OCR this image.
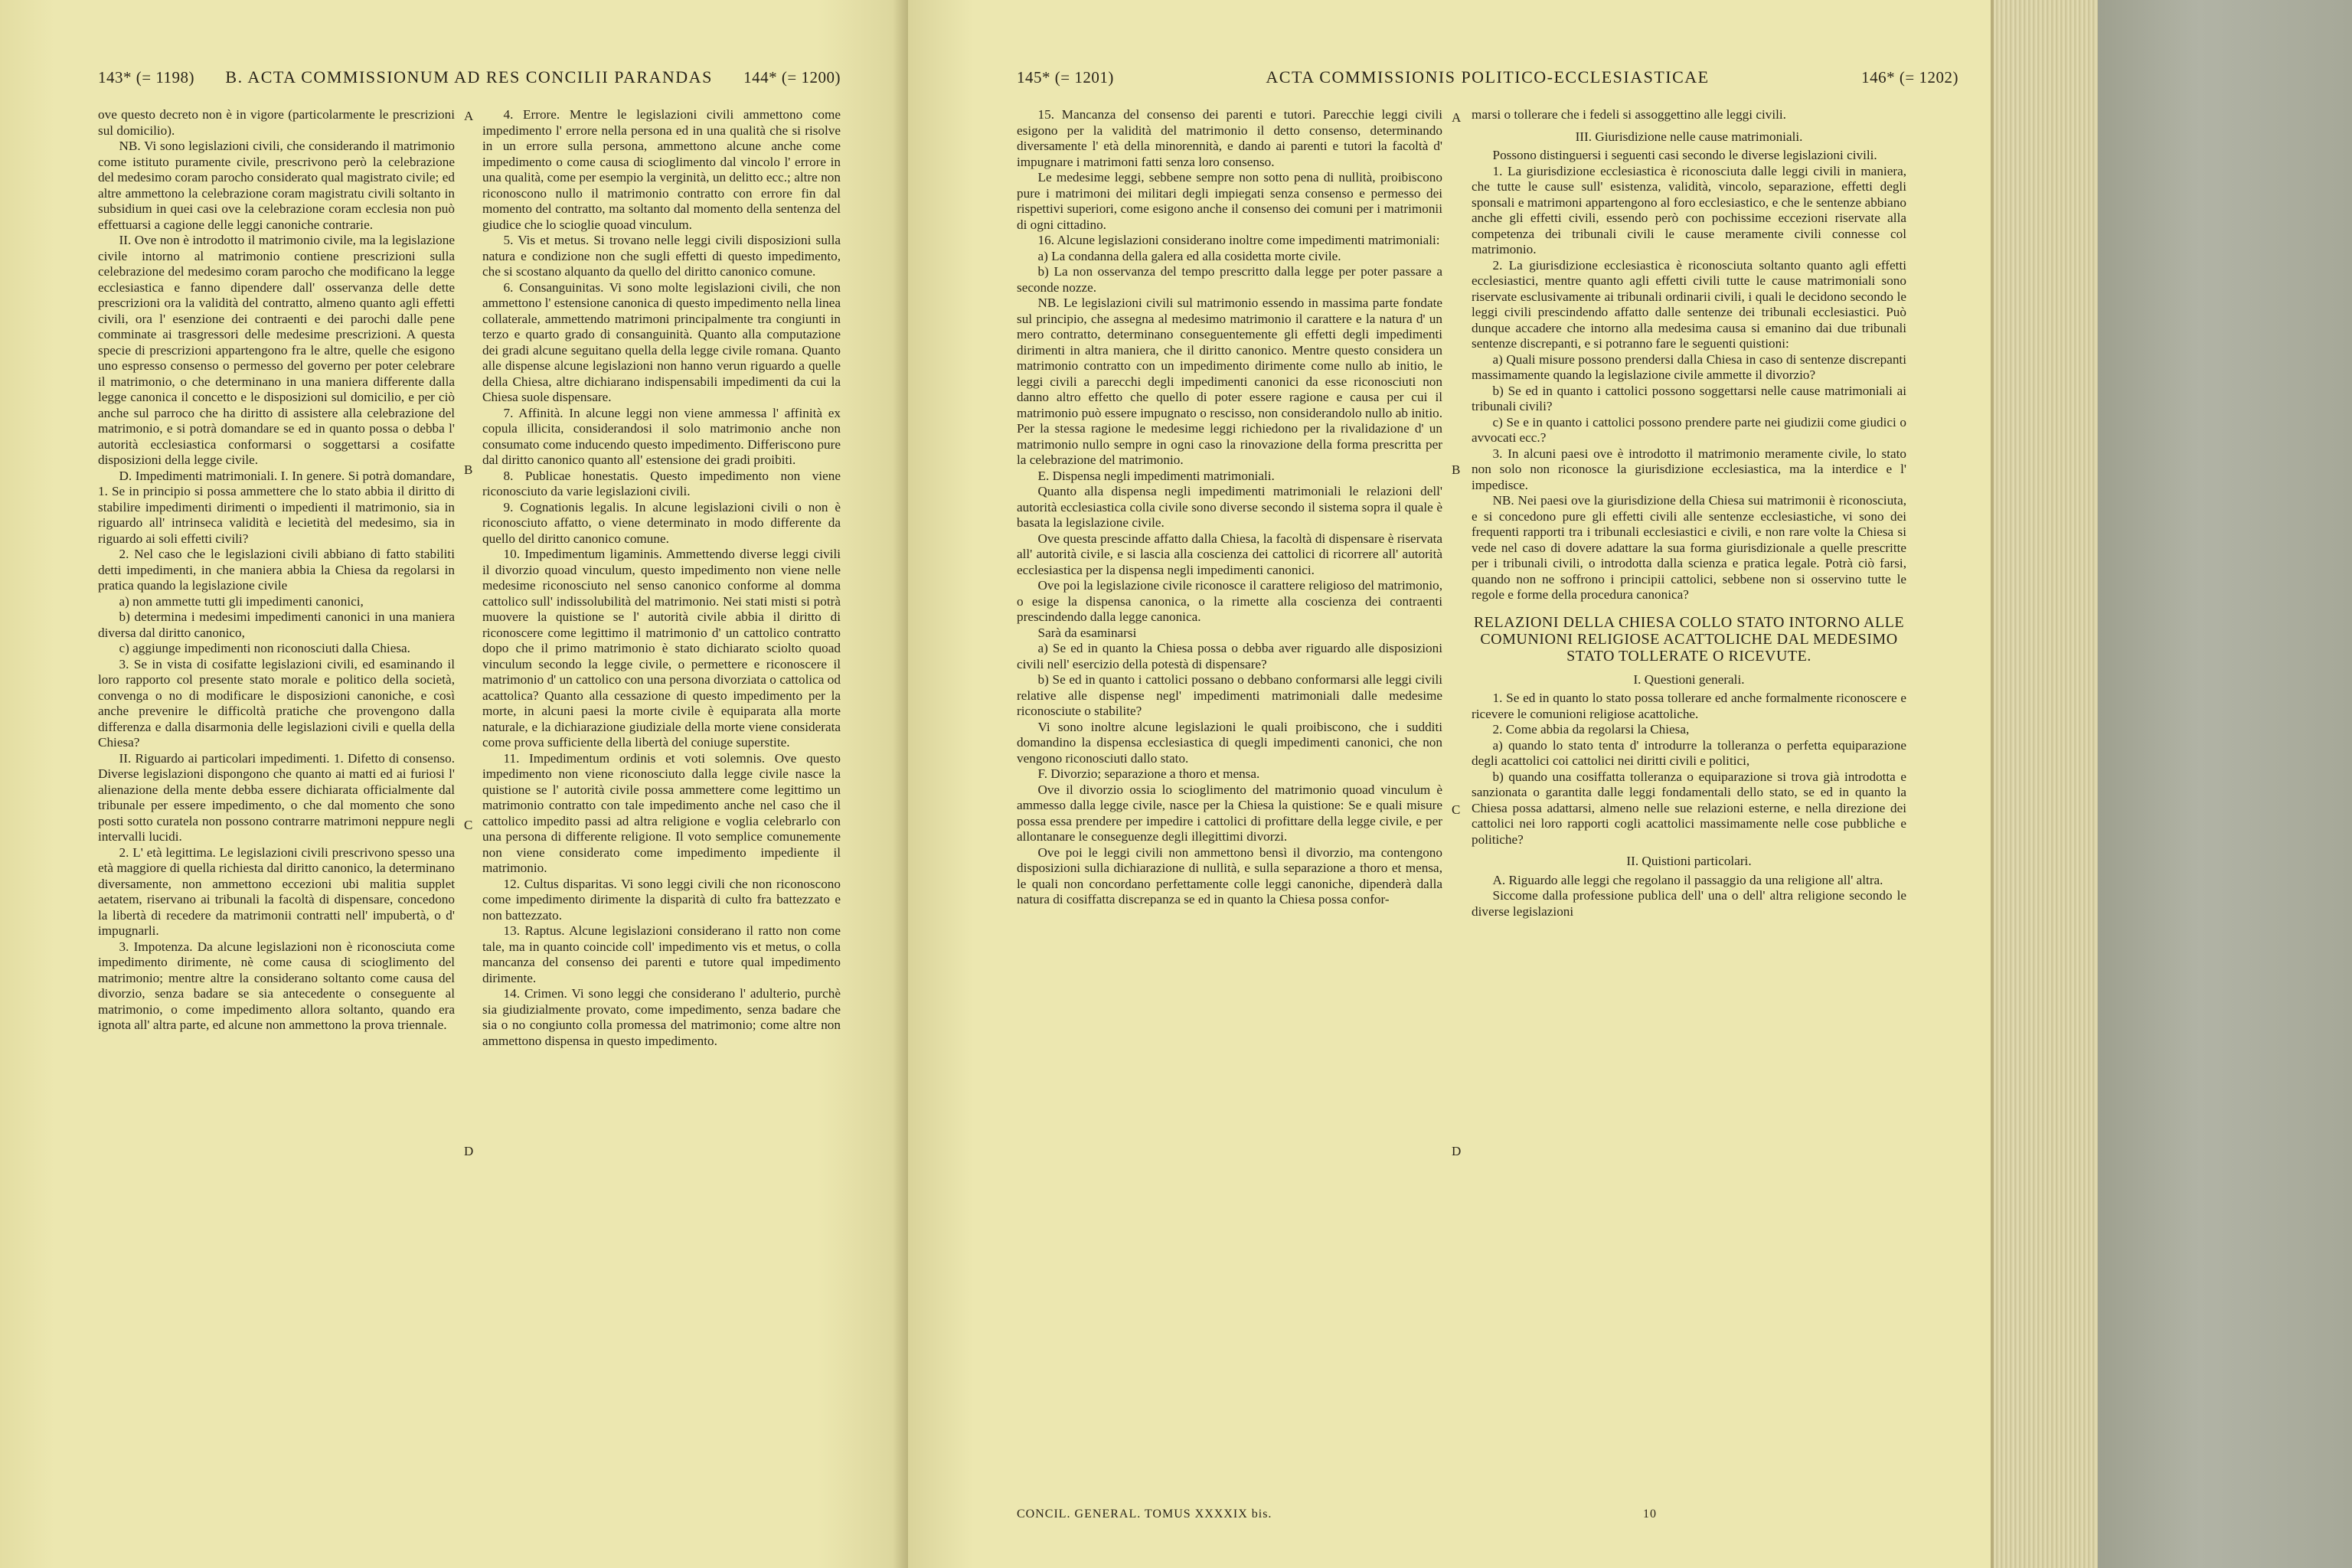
143* (= 1198) B. ACTA COMMISSIONUM AD RES CONCILII PARANDAS 144* (= 1200)

ove questo decreto non è in vigore (particolarmente le prescrizioni sul domicilio).

NB. Vi sono legislazioni civili, che considerando il matrimonio come istituto puramente civile, prescrivono però la celebrazione del medesimo coram parocho considerato qual magistrato civile; ed altre ammettono la celebrazione coram magistratu civili soltanto in subsidium in quei casi ove la celebrazione coram ecclesia non può effettuarsi a cagione delle leggi canoniche contrarie.

II. Ove non è introdotto il matrimonio civile, ma la legislazione civile intorno al matrimonio contiene prescrizioni sulla celebrazione del medesimo coram parocho che modificano la legge ecclesiastica e fanno dipendere dall' osservanza delle dette prescrizioni ora la validità del contratto, almeno quanto agli effetti civili, ora l' esenzione dei contraenti e dei parochi dalle pene comminate ai trasgressori delle medesime prescrizioni. A questa specie di prescrizioni appartengono fra le altre, quelle che esigono uno espresso consenso o permesso del governo per poter celebrare il matrimonio, o che determinano in una maniera differente dalla legge canonica il concetto e le disposizioni sul domicilio, e per ciò anche sul parroco che ha diritto di assistere alla celebrazione del matrimonio, e si potrà domandare se ed in quanto possa o debba l' autorità ecclesiastica conformarsi o soggettarsi a cosifatte disposizioni della legge civile.

D. Impedimenti matrimoniali. I. In genere. Si potrà domandare, 1. Se in principio si possa ammettere che lo stato abbia il diritto di stabilire impedimenti dirimenti o impedienti il matrimonio, sia in riguardo all' intrinseca validità e lecietità del medesimo, sia in riguardo ai soli effetti civili?

2. Nel caso che le legislazioni civili abbiano di fatto stabiliti detti impedimenti, in che maniera abbia la Chiesa da regolarsi in pratica quando la legislazione civile

a) non ammette tutti gli impedimenti canonici,

b) determina i medesimi impedimenti canonici in una maniera diversa dal diritto canonico,

c) aggiunge impedimenti non riconosciuti dalla Chiesa.

3. Se in vista di cosifatte legislazioni civili, ed esaminando il loro rapporto col presente stato morale e politico della società, convenga o no di modificare le disposizioni canoniche, e così anche prevenire le difficoltà pratiche che provengono dalla differenza e dalla disarmonia delle legislazioni civili e quella della Chiesa?

II. Riguardo ai particolari impedimenti. 1. Difetto di consenso. Diverse legislazioni dispongono che quanto ai matti ed ai furiosi l' alienazione della mente debba essere dichiarata officialmente dal tribunale per essere impedimento, o che dal momento che sono posti sotto curatela non possono contrarre matrimoni neppure negli intervalli lucidi.

2. L' età legittima. Le legislazioni civili prescrivono spesso una età maggiore di quella richiesta dal diritto canonico, la determinano diversamente, non ammettono eccezioni ubi malitia supplet aetatem, riservano ai tribunali la facoltà di dispensare, concedono la libertà di recedere da matrimonii contratti nell' impubertà, o d' impugnarli.

3. Impotenza. Da alcune legislazioni non è riconosciuta come impedimento dirimente, nè come causa di scioglimento del matrimonio; mentre altre la considerano soltanto come causa del divorzio, senza badare se sia antecedente o conseguente al matrimonio, o come impedimento allora soltanto, quando era ignota all' altra parte, ed alcune non ammettono la prova triennale.

4. Errore. Mentre le legislazioni civili ammettono come impedimento l' errore nella persona ed in una qualità che si risolve in un errore sulla persona, ammettono alcune anche come impedimento o come causa di scioglimento dal vincolo l' errore in una qualità, come per esempio la verginità, un delitto ecc.; altre non riconoscono nullo il matrimonio contratto con errore fin dal momento del contratto, ma soltanto dal momento della sentenza del giudice che lo scioglie quoad vinculum.

5. Vis et metus. Si trovano nelle leggi civili disposizioni sulla natura e condizione non che sugli effetti di questo impedimento, che si scostano alquanto da quello del diritto canonico comune.

6. Consanguinitas. Vi sono molte legislazioni civili, che non ammettono l' estensione canonica di questo impedimento nella linea collaterale, ammettendo matrimoni principalmente tra congiunti in terzo e quarto grado di consanguinità. Quanto alla computazione dei gradi alcune seguitano quella della legge civile romana. Quanto alle dispense alcune legislazioni non hanno verun riguardo a quelle della Chiesa, altre dichiarano indispensabili impedimenti da cui la Chiesa suole dispensare.

7. Affinità. In alcune leggi non viene ammessa l' affinità ex copula illicita, considerandosi il solo matrimonio anche non consumato come inducendo questo impedimento. Differiscono pure dal diritto canonico quanto all' estensione dei gradi proibiti.

8. Publicae honestatis. Questo impedimento non viene riconosciuto da varie legislazioni civili.

9. Cognationis legalis. In alcune legislazioni civili o non è riconosciuto affatto, o viene determinato in modo differente da quello del diritto canonico comune.

10. Impedimentum ligaminis. Ammettendo diverse leggi civili il divorzio quoad vinculum, questo impedimento non viene nelle medesime riconosciuto nel senso canonico conforme al domma cattolico sull' indissolubilità del matrimonio. Nei stati misti si potrà muovere la quistione se l' autorità civile abbia il diritto di riconoscere come legittimo il matrimonio d' un cattolico contratto dopo che il primo matrimonio è stato dichiarato sciolto quoad vinculum secondo la legge civile, o permettere e riconoscere il matrimonio d' un cattolico con una persona divorziata o cattolica od acattolica? Quanto alla cessazione di questo impedimento per la morte, in alcuni paesi la morte civile è equiparata alla morte naturale, e la dichiarazione giudiziale della morte viene considerata come prova sufficiente della libertà del coniuge superstite.

11. Impedimentum ordinis et voti solemnis. Ove questo impedimento non viene riconosciuto dalla legge civile nasce la quistione se l' autorità civile possa ammettere come legittimo un matrimonio contratto con tale impedimento anche nel caso che il cattolico impedito passi ad altra religione e voglia celebrarlo con una persona di differente religione. Il voto semplice comunemente non viene considerato come impedimento impediente il matrimonio.

12. Cultus disparitas. Vi sono leggi civili che non riconoscono come impedimento dirimente la disparità di culto fra battezzato e non battezzato.

13. Raptus. Alcune legislazioni considerano il ratto non come tale, ma in quanto coincide coll' impedimento vis et metus, o colla mancanza del consenso dei parenti e tutore qual impedimento dirimente.

14. Crimen. Vi sono leggi che considerano l' adulterio, purchè sia giudizialmente provato, come impedimento, senza badare che sia o no congiunto colla promessa del matrimonio; come altre non ammettono dispensa in questo impedimento.

A
B
C
D
145* (= 1201)	ACTA COMMISSIONIS POLITICO-ECCLESIASTICAE	146* (= 1202)

15. Mancanza del consenso dei parenti e tutori. Parecchie leggi civili esigono per la validità del matrimonio il detto consenso, determinando diversamente l' età della minorennità, e dando ai parenti e tutori la facoltà d' impugnare i matrimoni fatti senza loro consenso.

Le medesime leggi, sebbene sempre non sotto pena di nullità, proibiscono pure i matrimoni dei militari degli impiegati senza consenso e permesso dei rispettivi superiori, come esigono anche il consenso dei comuni per i matrimonii di ogni cittadino.

16. Alcune legislazioni considerano inoltre come impedimenti matrimoniali:

a) La condanna della galera ed alla cosidetta morte civile.

b) La non osservanza del tempo prescritto dalla legge per poter passare a seconde nozze.

NB. Le legislazioni civili sul matrimonio essendo in massima parte fondate sul principio, che assegna al medesimo matrimonio il carattere e la natura d' un mero contratto, determinano conseguentemente gli effetti degli impedimenti dirimenti in altra maniera, che il diritto canonico. Mentre questo considera un matrimonio contratto con un impedimento dirimente come nullo ab initio, le leggi civili a parecchi degli impedimenti canonici da esse riconosciuti non danno altro effetto che quello di poter essere ragione e causa per cui il matrimonio può essere impugnato o rescisso, non considerandolo nullo ab initio. Per la stessa ragione le medesime leggi richiedono per la rivalidazione d' un matrimonio nullo sempre in ogni caso la rinovazione della forma prescritta per la celebrazione del matrimonio.

E. Dispensa negli impedimenti matrimoniali.

Quanto alla dispensa negli impedimenti matrimoniali le relazioni dell' autorità ecclesiastica colla civile sono diverse secondo il sistema sopra il quale è basata la legislazione civile.

Ove questa prescinde affatto dalla Chiesa, la facoltà di dispensare è riservata all' autorità civile, e si lascia alla coscienza dei cattolici di ricorrere all' autorità ecclesiastica per la dispensa negli impedimenti canonici.

Ove poi la legislazione civile riconosce il carattere religioso del matrimonio, o esige la dispensa canonica, o la rimette alla coscienza dei contraenti prescindendo dalla legge canonica.

Sarà da esaminarsi

a) Se ed in quanto la Chiesa possa o debba aver riguardo alle disposizioni civili nell' esercizio della potestà di dispensare?

b) Se ed in quanto i cattolici possano o debbano conformarsi alle leggi civili relative alle dispense negl' impedimenti matrimoniali dalle medesime riconosciute o stabilite?

Vi sono inoltre alcune legislazioni le quali proibiscono, che i sudditi domandino la dispensa ecclesiastica di quegli impedimenti canonici, che non vengono riconosciuti dallo stato.

F. Divorzio; separazione a thoro et mensa.

Ove il divorzio ossia lo scioglimento del matrimonio quoad vinculum è ammesso dalla legge civile, nasce per la Chiesa la quistione: Se e quali misure possa essa prendere per impedire i cattolici di profittare della legge civile, e per allontanare le conseguenze degli illegittimi divorzi.

Ove poi le leggi civili non ammettono bensì il divorzio, ma contengono disposizioni sulla dichiarazione di nullità, e sulla separazione a thoro et mensa, le quali non concordano perfettamente colle leggi canoniche, dipenderà dalla natura di cosiffatta discrepanza se ed in quanto la Chiesa possa confor-

marsi o tollerare che i fedeli si assoggettino alle leggi civili.

III. Giurisdizione nelle cause matrimoniali.

Possono distinguersi i seguenti casi secondo le diverse legislazioni civili.

1. La giurisdizione ecclesiastica è riconosciuta dalle leggi civili in maniera, che tutte le cause sull' esistenza, validità, vincolo, separazione, effetti degli sponsali e matrimoni appartengono al foro ecclesiastico, e che le sentenze abbiano anche gli effetti civili, essendo però con pochissime eccezioni riservate alla competenza dei tribunali civili le cause meramente civili connesse col matrimonio.

2. La giurisdizione ecclesiastica è riconosciuta soltanto quanto agli effetti ecclesiastici, mentre quanto agli effetti civili tutte le cause matrimoniali sono riservate esclusivamente ai tribunali ordinarii civili, i quali le decidono secondo le leggi civili prescindendo affatto dalle sentenze dei tribunali ecclesiastici. Può dunque accadere che intorno alla medesima causa si emanino dai due tribunali sentenze discrepanti, e si potranno fare le seguenti quistioni:

a) Quali misure possono prendersi dalla Chiesa in caso di sentenze discrepanti massimamente quando la legislazione civile ammette il divorzio?

b) Se ed in quanto i cattolici possono soggettarsi nelle cause matrimoniali ai tribunali civili?

c) Se e in quanto i cattolici possono prendere parte nei giudizii come giudici o avvocati ecc.?

3. In alcuni paesi ove è introdotto il matrimonio meramente civile, lo stato non solo non riconosce la giurisdizione ecclesiastica, ma la interdice e l' impedisce.

NB. Nei paesi ove la giurisdizione della Chiesa sui matrimonii è riconosciuta, e si concedono pure gli effetti civili alle sentenze ecclesiastiche, vi sono dei frequenti rapporti tra i tribunali ecclesiastici e civili, e non rare volte la Chiesa si vede nel caso di dovere adattare la sua forma giurisdizionale a quelle prescritte per i tribunali civili, o introdotta dalla scienza e pratica legale. Potrà ciò farsi, quando non ne soffrono i principii cattolici, sebbene non si osservino tutte le regole e forme della procedura canonica?

RELAZIONI DELLA CHIESA COLLO STATO INTORNO ALLE COMUNIONI RELIGIOSE ACATTOLICHE DAL MEDESIMO STATO TOLLERATE O RICEVUTE.

I. Questioni generali.

1. Se ed in quanto lo stato possa tollerare ed anche formalmente riconoscere e ricevere le comunioni religiose acattoliche.

2. Come abbia da regolarsi la Chiesa,

a) quando lo stato tenta d' introdurre la tolleranza o perfetta equiparazione degli acattolici coi cattolici nei diritti civili e politici,

b) quando una cosiffatta tolleranza o equiparazione si trova già introdotta e sanzionata o garantita dalle leggi fondamentali dello stato, se ed in quanto la Chiesa possa adattarsi, almeno nelle sue relazioni esterne, e nella direzione dei cattolici nei loro rapporti cogli acattolici massimamente nelle cose pubbliche e politiche?

II. Quistioni particolari.

A. Riguardo alle leggi che regolano il passaggio da una religione all' altra.

Siccome dalla professione publica dell' una o dell' altra religione secondo le diverse legislazioni

A
B
C
D
CONCIL. GENERAL. TOMUS XXXXIX bis.	10
